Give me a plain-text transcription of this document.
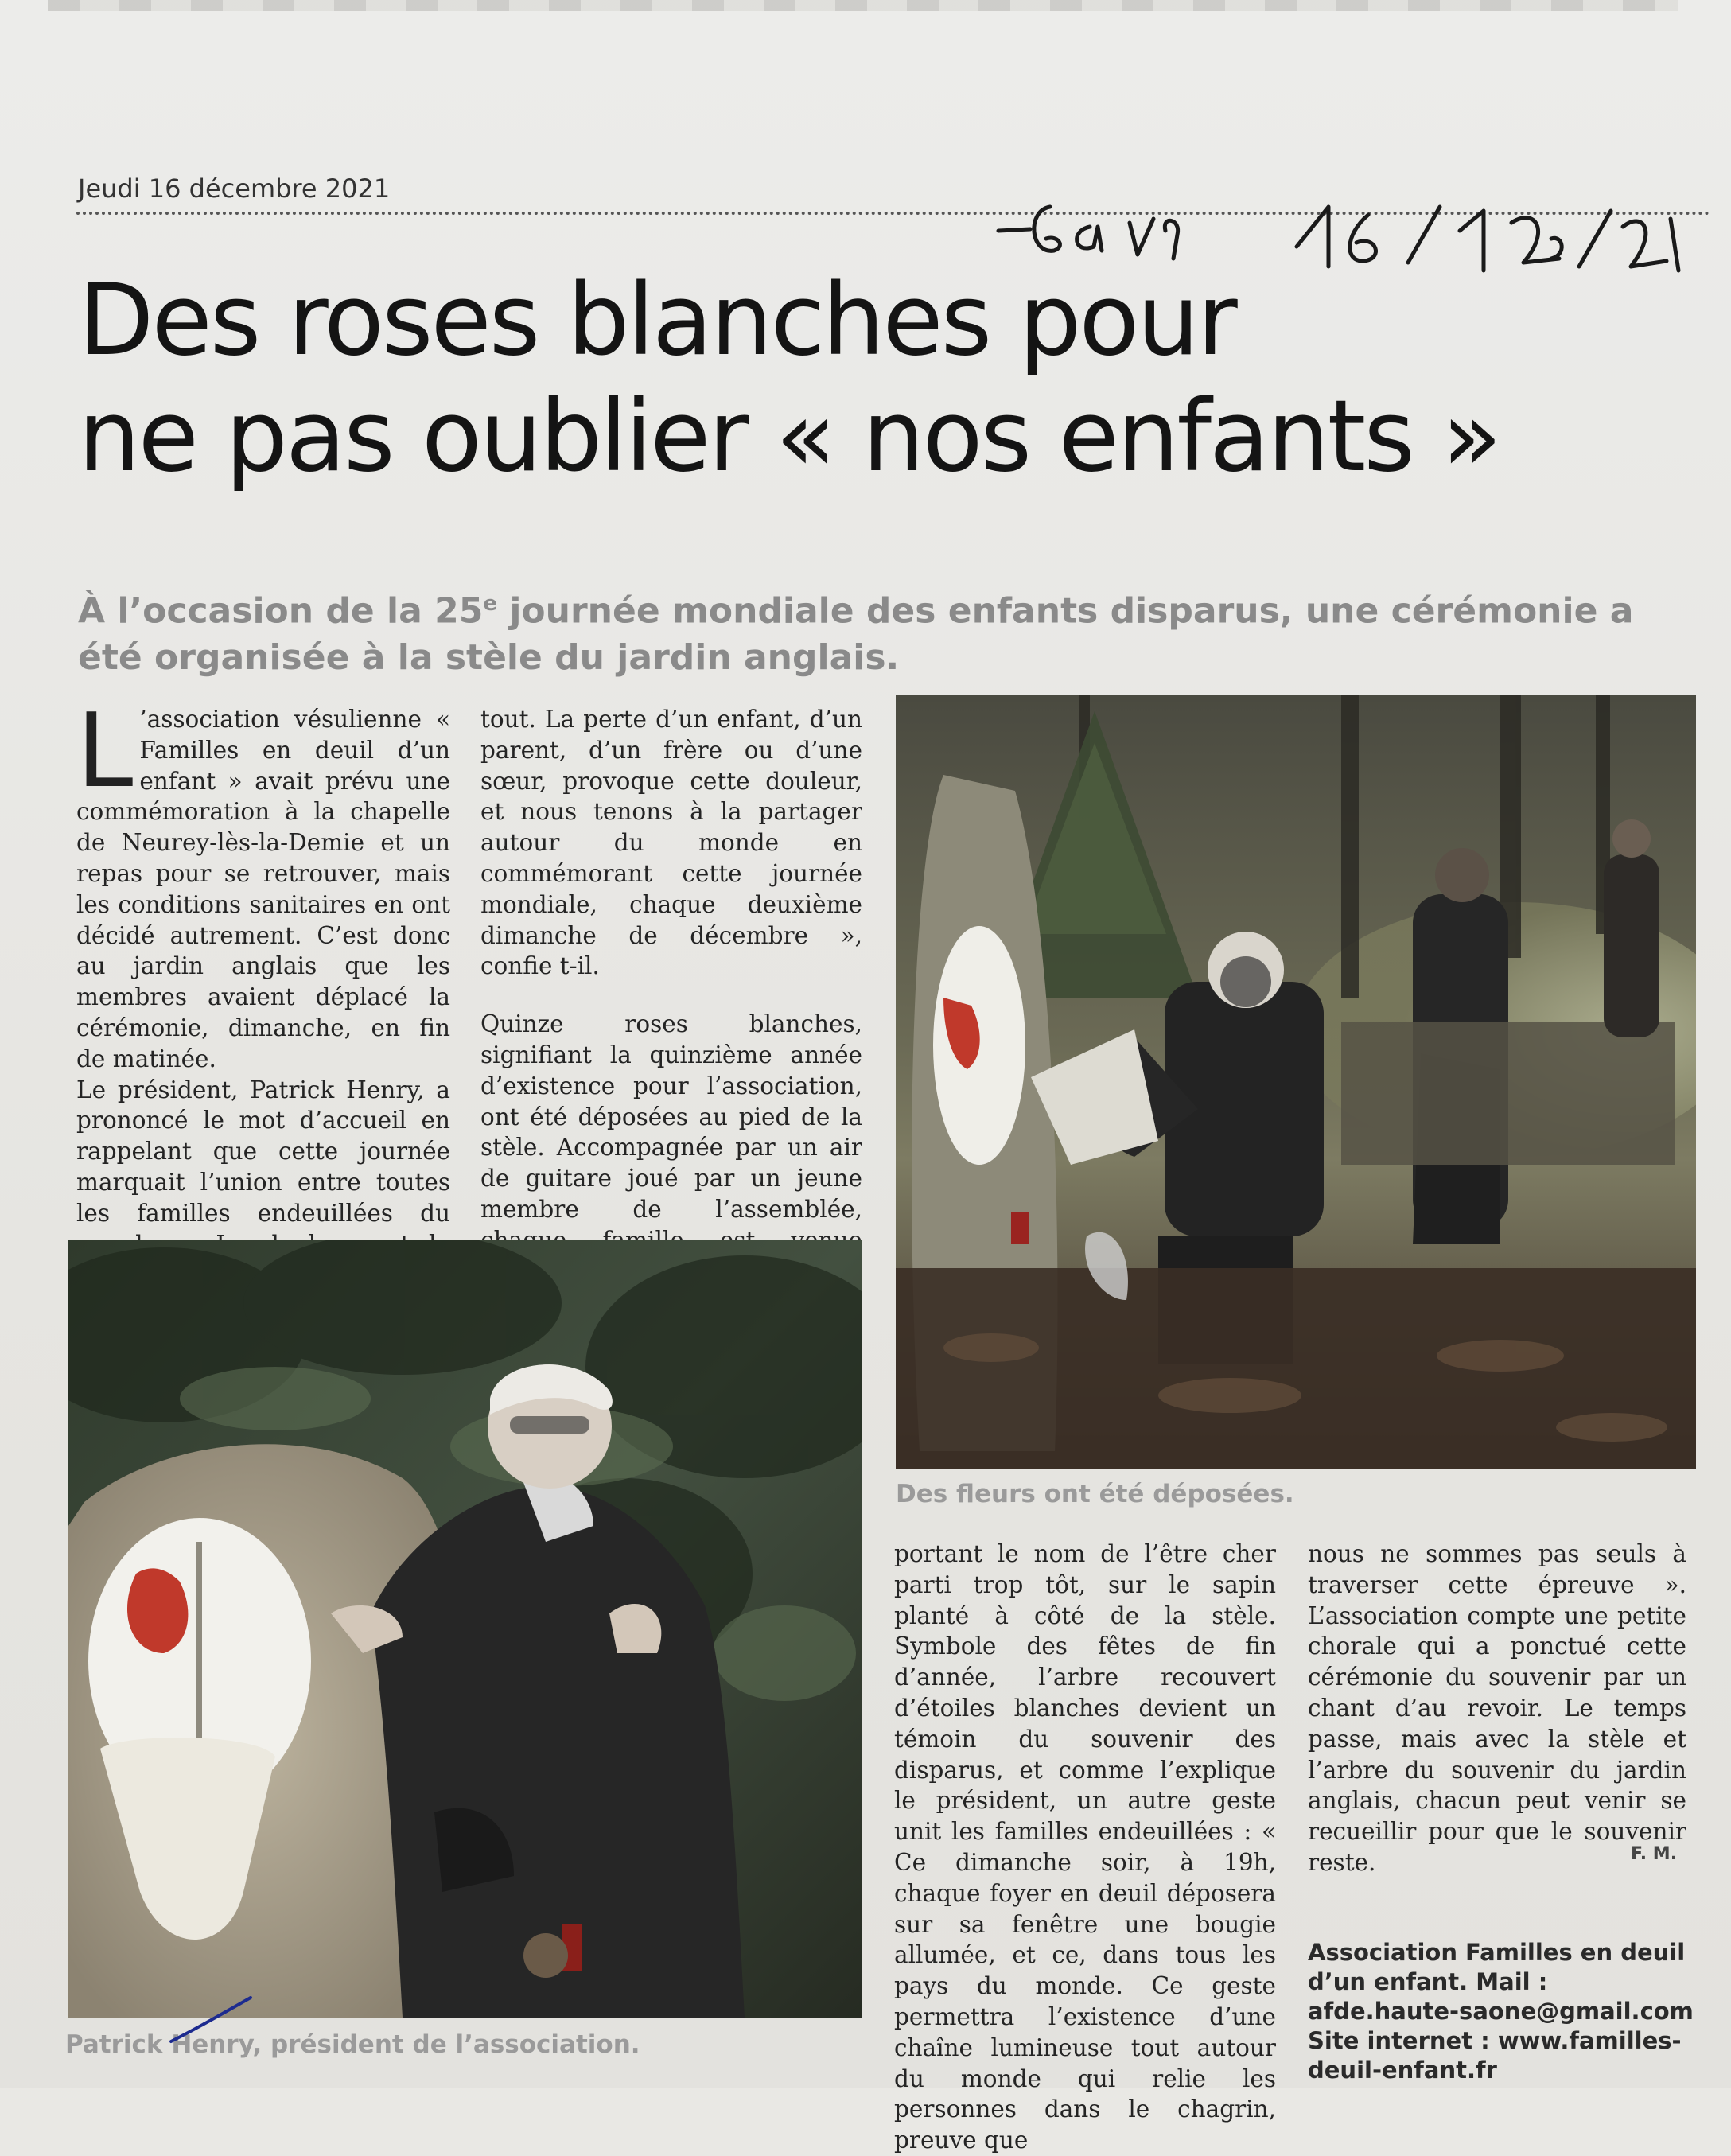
Jeudi 16 décembre 2021
Des roses blanches pour
ne pas oublier « nos enfants »

À l’occasion de la 25e journée mondiale des enfants disparus, une cérémonie a été organisée à la stèle du jardin anglais.

L ’association vésulienne « Familles en deuil d’un enfant » avait prévu une commémoration à la chapelle de Neurey-lès-la-Demie et un repas pour se retrouver, mais les conditions sanitaires en ont décidé autrement. C’est donc au jardin anglais que les membres avaient déplacé la cérémonie, dimanche, en fin de matinée.

Le président, Patrick Henry, a prononcé le mot d’accueil en rappelant que cette journée marquait l’union entre toutes les familles endeuillées du

tout. La perte d’un enfant, d’un parent, d’un frère ou d’une sœur, provoque cette douleur, et nous tenons à la partager autour du monde en commémorant cette journée mondiale, chaque deuxième dimanche de décembre », confie t-il.

Quinze roses blanches, signifiant la quinzième année d’existence pour l’association, ont été déposées au pied de la stèle. Accompagnée par un air de guitare joué par un jeune membre de l’assemblée,

Des fleurs ont été déposées.
Patrick Henry, président de l’association.

portant le nom de l’être cher parti trop tôt, sur le sapin planté à côté de la stèle. Symbole des fêtes de fin d’année, l’arbre recouvert d’étoiles blanches devient un témoin du souvenir des disparus, et comme l’explique le président, un autre geste unit les familles endeuillées : « Ce dimanche soir, à 19h, chaque foyer en deuil déposera sur sa fenêtre une bougie allumée, et ce, dans tous les pays du monde. Ce geste permettra l’existence d’une chaîne lumineuse tout autour du monde qui relie les personnes dans le chagrin, preuve que

nous ne sommes pas seuls à traverser cette épreuve ». L’association compte une petite chorale qui a ponctué cette cérémonie du souvenir par un chant d’au revoir. Le temps passe, mais avec la stèle et l’arbre du souvenir du jardin anglais, chacun peut venir se recueillir pour que le souvenir reste.	F. M.

Association Familles en deuil d’un enfant. Mail : afde.haute-saone@gmail.com

Site internet : www.familles-deuil-enfant.fr
